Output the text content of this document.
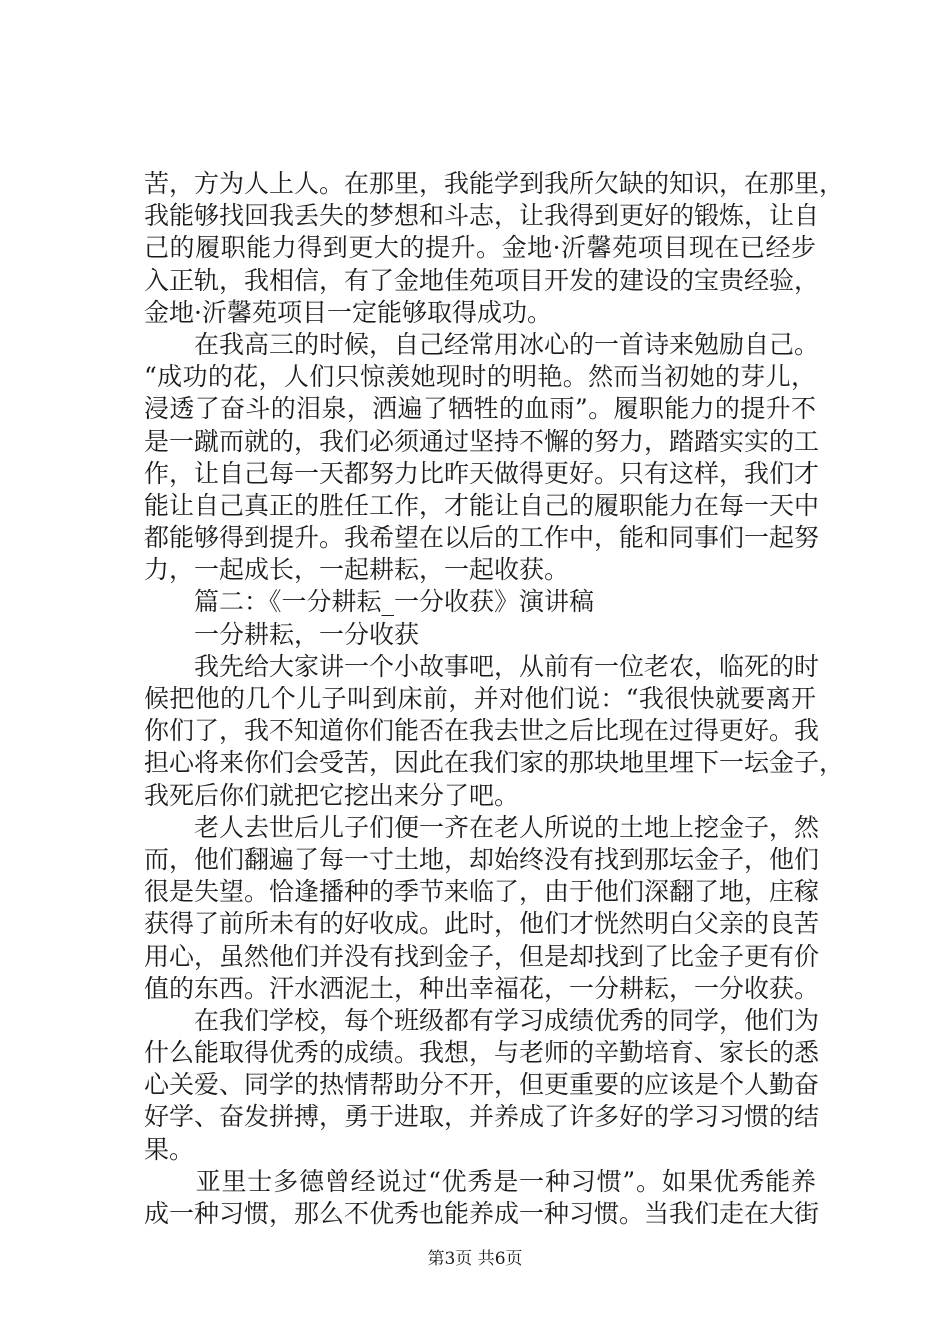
苦，方为人上人。在那里，我能学到我所欠缺的知识，在那里，
我能够找回我丢失的梦想和斗志，让我得到更好的锻炼，让自
己的履职能力得到更大的提升。金地·沂馨苑项目现在已经步
入正轨，我相信，有了金地佳苑项目开发的建设的宝贵经验，
金地·沂馨苑项目一定能够取得成功。
　　在我高三的时候，自己经常用冰心的一首诗来勉励自己。
“成功的花，人们只惊羡她现时的明艳。然而当初她的芽儿，
浸透了奋斗的泪泉，洒遍了牺牲的血雨”。履职能力的提升不
是一蹴而就的，我们必须通过坚持不懈的努力，踏踏实实的工
作，让自己每一天都努力比昨天做得更好。只有这样，我们才
能让自己真正的胜任工作，才能让自己的履职能力在每一天中
都能够得到提升。我希望在以后的工作中，能和同事们一起努
力，一起成长，一起耕耘，一起收获。
　　篇二：《一分耕耘_一分收获》演讲稿
　　一分耕耘，一分收获
　　我先给大家讲一个小故事吧，从前有一位老农，临死的时
候把他的几个儿子叫到床前，并对他们说：“我很快就要离开
你们了，我不知道你们能否在我去世之后比现在过得更好。我
担心将来你们会受苦，因此在我们家的那块地里埋下一坛金子，
我死后你们就把它挖出来分了吧。
　　老人去世后儿子们便一齐在老人所说的土地上挖金子，然
而，他们翻遍了每一寸土地，却始终没有找到那坛金子，他们
很是失望。恰逢播种的季节来临了，由于他们深翻了地，庄稼
获得了前所未有的好收成。此时，他们才恍然明白父亲的良苦
用心，虽然他们并没有找到金子，但是却找到了比金子更有价
值的东西。汗水洒泥土，种出幸福花，一分耕耘，一分收获。
　　在我们学校，每个班级都有学习成绩优秀的同学，他们为
什么能取得优秀的成绩。我想，与老师的辛勤培育、家长的悉
心关爱、同学的热情帮助分不开，但更重要的应该是个人勤奋
好学、奋发拼搏，勇于进取，并养成了许多好的学习习惯的结
果。
　　亚里士多德曾经说过“优秀是一种习惯”。如果优秀能养
成一种习惯，那么不优秀也能养成一种习惯。当我们走在大街
第3页 共6页
